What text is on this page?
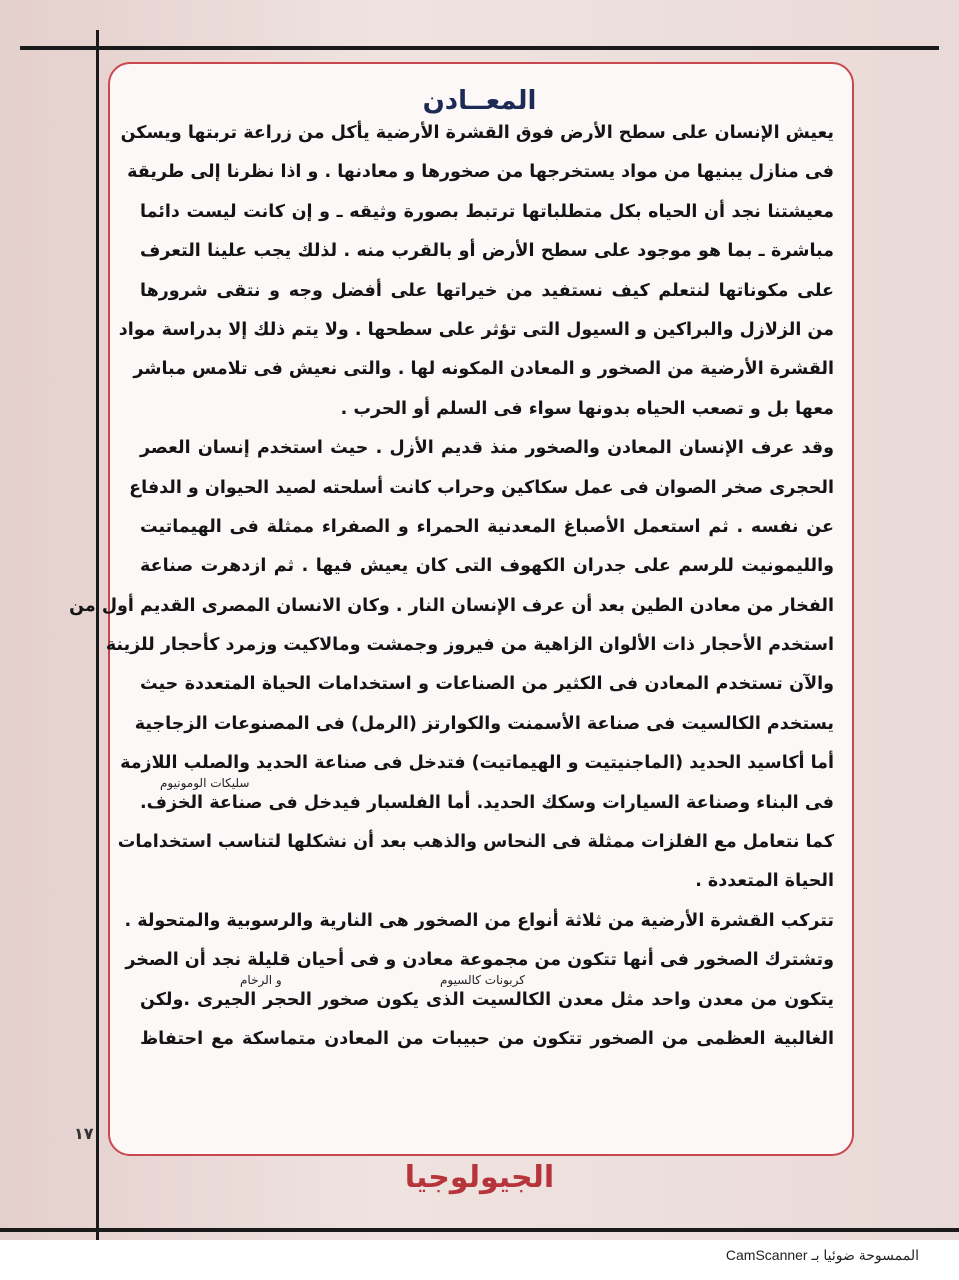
المعــادن
يعيش الإنسان على سطح الأرض فوق القشرة الأرضية يأكل من زراعة تربتها ويسكن
فى منازل يبنيها من مواد يستخرجها من صخورها و معادنها . و اذا نظرنا إلى طريقة
معيشتنا نجد أن الحياه بكل متطلباتها ترتبط بصورة وثيقه ـ و إن كانت ليست دائما
مباشرة ـ بما هو موجود على سطح الأرض أو بالقرب منه . لذلك يجب علينا التعرف
على مكوناتها لنتعلم كيف نستفيد من خيراتها على أفضل وجه و نتقى شرورها
من الزلازل والبراكين و السيول التى تؤثر على سطحها . ولا يتم ذلك إلا بدراسة مواد
القشرة الأرضية من الصخور و المعادن المكونه لها . والتى نعيش فى تلامس مباشر
معها بل و تصعب الحياه بدونها سواء فى السلم أو الحرب .
وقد عرف الإنسان المعادن والصخور منذ قديم الأزل . حيث استخدم إنسان العصر
الحجرى صخر الصوان فى عمل سكاكين وحراب كانت أسلحته لصيد الحيوان و الدفاع
عن نفسه . ثم استعمل الأصباغ المعدنية الحمراء و الصفراء ممثلة فى الهيماتيت
والليمونيت للرسم على جدران الكهوف التى كان يعيش فيها . ثم ازدهرت صناعة
الفخار من معادن الطين بعد أن عرف الإنسان النار . وكان الانسان المصرى القديم أول من
استخدم الأحجار ذات الألوان الزاهية من فيروز وجمشت ومالاكيت وزمرد كأحجار للزينة
والآن تستخدم المعادن فى الكثير من الصناعات و استخدامات الحياة المتعددة حيث
يستخدم الكالسيت فى صناعة الأسمنت والكوارتز (الرمل) فى المصنوعات الزجاجية
أما أكاسيد الحديد (الماجنيتيت و الهيماتيت) فتدخل فى صناعة الحديد والصلب اللازمة
فى البناء وصناعة السيارات وسكك الحديد. أما الفلسبار فيدخل فى صناعة الخزف.
كما نتعامل مع الفلزات ممثلة فى النحاس والذهب بعد أن نشكلها لتناسب استخدامات
الحياة المتعددة .
تتركب القشرة الأرضية من ثلاثة أنواع من الصخور هى النارية والرسوبية والمتحولة .
وتشترك الصخور فى أنها تتكون من مجموعة معادن و فى أحيان قليلة نجد أن الصخر
يتكون من معدن واحد مثل معدن الكالسيت الذى يكون صخور الحجر الجيرى .ولكن
الغالبية العظمى من الصخور تتكون من حبيبات من المعادن متماسكة مع احتفاظ
سليكات الومونيوم
كربونات كالسيوم
و الرخام
١٧
الجيولوجيا
الممسوحة ضوئيا بـ CamScanner
